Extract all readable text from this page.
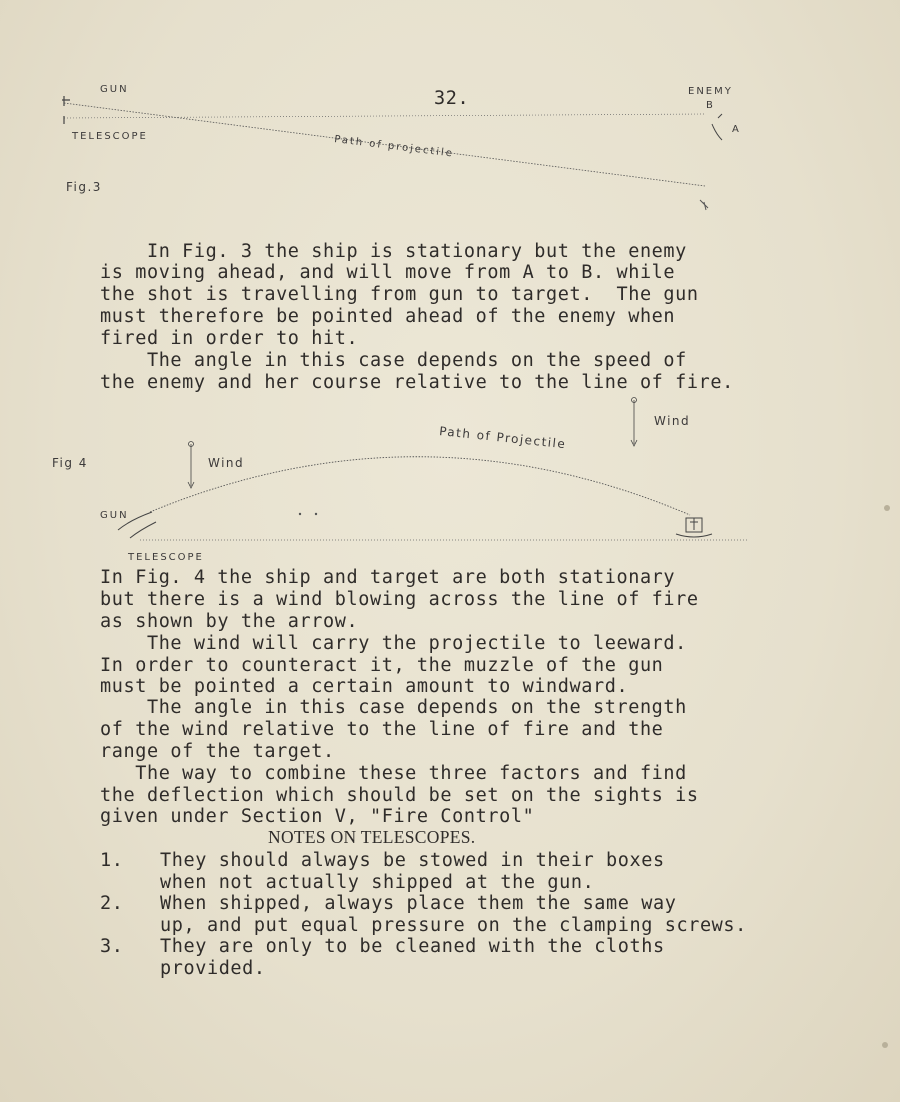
32.
GUN
TELESCOPE
ENEMY
A
B
Path of projectile
Fig.3
In Fig. 3 the ship is stationary but the enemy
is moving ahead, and will move from A to B. while
the shot is travelling from gun to target.  The gun
must therefore be pointed ahead of the enemy when
fired in order to hit.
The angle in this case depends on the speed of
the enemy and her course relative to the line of fire.
Fig 4	Wind
Wind
Path of Projectile
GUN
TELESCOPE
In Fig. 4 the ship and target are both stationary
but there is a wind blowing across the line of fire
as shown by the arrow.
The wind will carry the projectile to leeward.
In order to counteract it, the muzzle of the gun
must be pointed a certain amount to windward.
The angle in this case depends on the strength
of the wind relative to the line of fire and the
range of the target.
The way to combine these three factors and find
the deflection which should be set on the sights is
given under Section V, "Fire Control"
NOTES ON TELESCOPES.
1. They should always be stowed in their boxes
when not actually shipped at the gun.
2. When shipped, always place them the same way
up, and put equal pressure on the clamping screws.
3. They are only to be cleaned with the cloths
provided.
